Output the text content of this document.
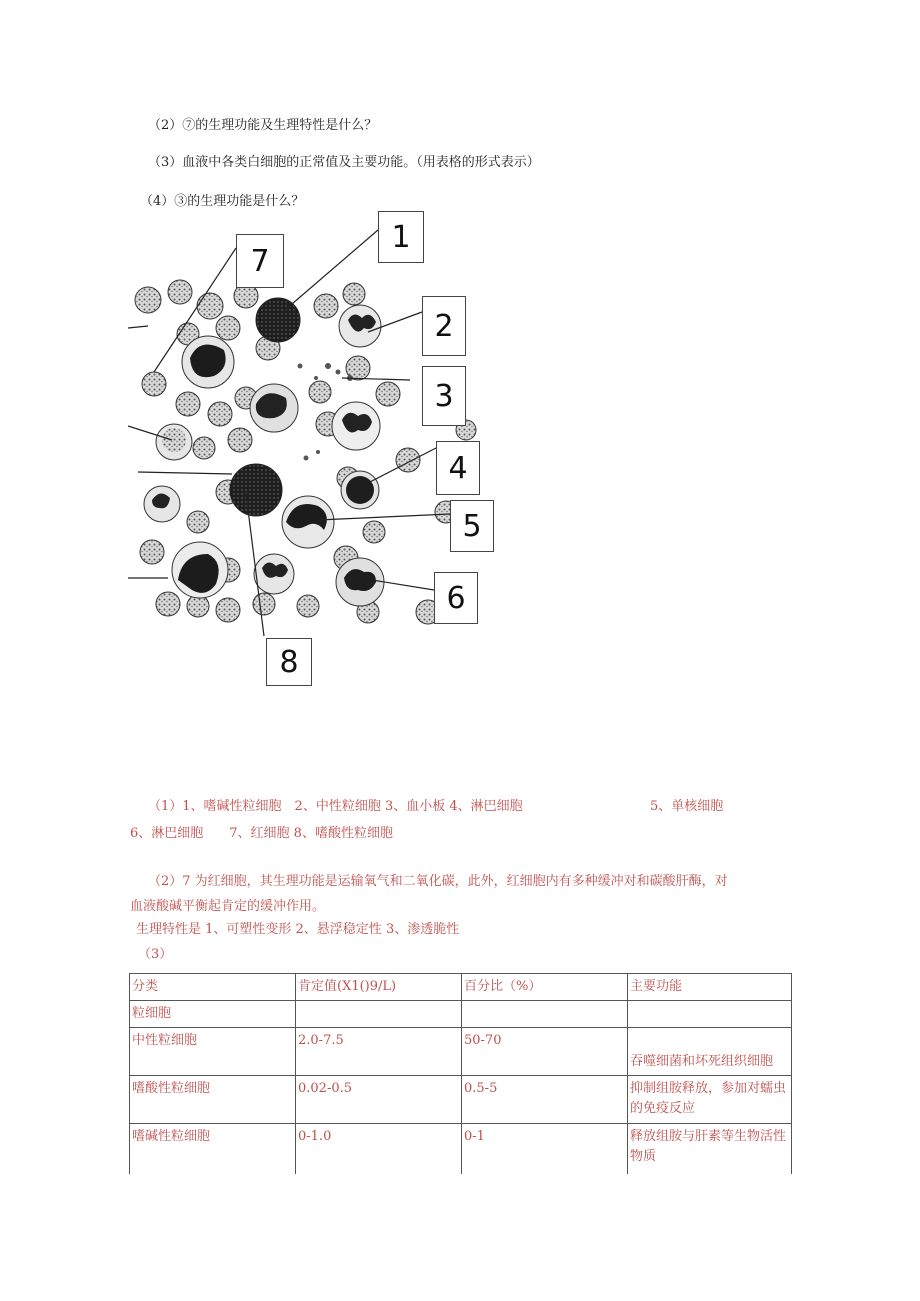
（2）⑦的生理功能及生理特性是什么？
（3）血液中各类白细胞的正常值及主要功能。（用表格的形式表示）
（4）③的生理功能是什么？
1
2
3
4
5
6
7
8
（1）1、嗜碱性粒细胞　2、中性粒细胞 3、血小板 4、淋巴细胞	5、单核细胞
6、淋巴细胞　　7、红细胞 8、嗜酸性粒细胞
（2）7 为红细胞，其生理功能是运输氧气和二氧化碳，此外，红细胞内有多种缓冲对和碳酸肝酶，对
血液酸碱平衡起肯定的缓冲作用。
生理特性是 1、可塑性变形 2、悬浮稳定性 3、渗透脆性
（3）
分类	肯定值(X1()9/L)	百分比（%）	主要功能
粒细胞			
中性粒细胞	2.0-7.5	50-70	吞噬细菌和坏死组织细胞
嗜酸性粒细胞	0.02-0.5	0.5-5	抑制组胺释放，参加对蠕虫的免疫反应
嗜碱性粒细胞	0-1.0	0-1	释放组胺与肝素等生物活性物质
